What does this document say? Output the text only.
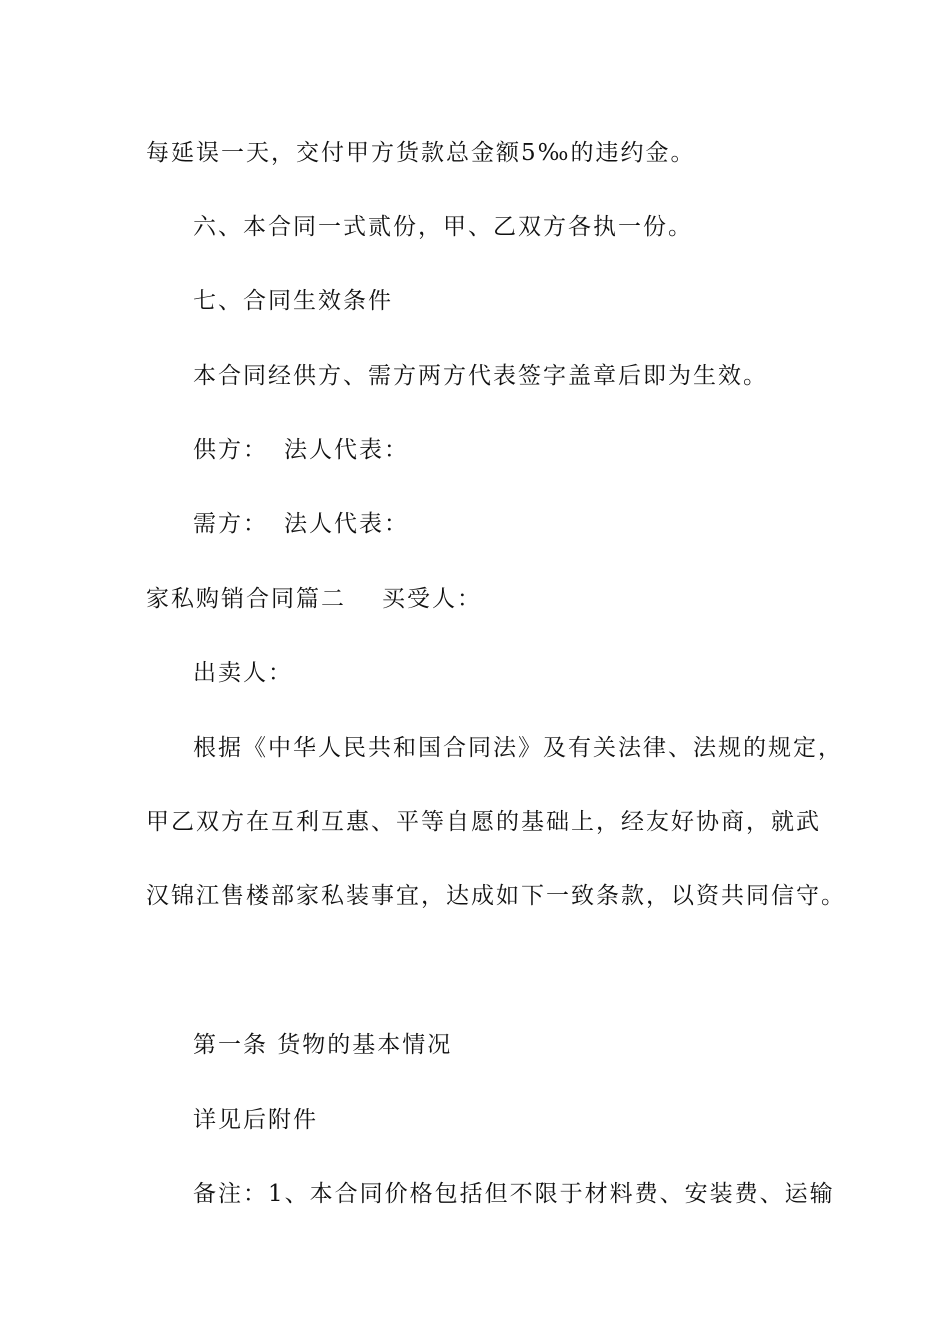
每延误一天，交付甲方货款总金额5‰的违约金。
六、本合同一式贰份，甲、乙双方各执一份。
七、合同生效条件
本合同经供方、需方两方代表签字盖章后即为生效。
供方： 法人代表：
需方： 法人代表：
家私购销合同篇二 买受人：
出卖人：
根据《中华人民共和国合同法》及有关法律、法规的规定，
甲乙双方在互利互惠、平等自愿的基础上，经友好协商，就武
汉锦江售楼部家私装事宜，达成如下一致条款，以资共同信守。
第一条 货物的基本情况
详见后附件
备注：1、本合同价格包括但不限于材料费、安装费、运输
